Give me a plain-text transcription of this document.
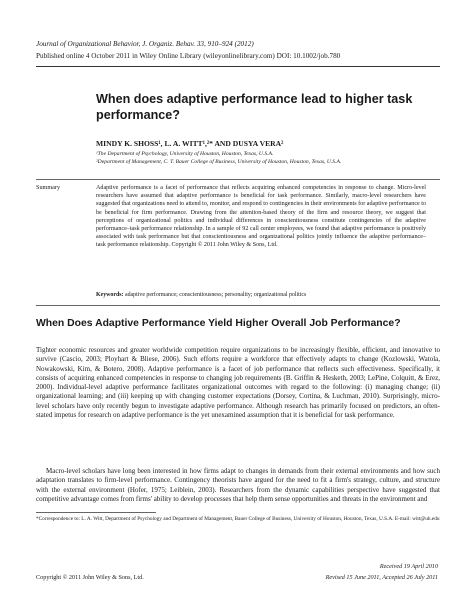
Journal of Organizational Behavior, J. Organiz. Behav. 33, 910–924 (2012)
Published online 4 October 2011 in Wiley Online Library (wileyonlinelibrary.com) DOI: 10.1002/job.780
When does adaptive performance lead to higher task performance?
MINDY K. SHOSS¹, L. A. WITT¹,²* AND DUSYA VERA²
¹The Department of Psychology, University of Houston, Houston, Texas, U.S.A.
²Department of Management, C. T. Bauer College of Business, University of Houston, Houston, Texas, U.S.A.
Summary	Adaptive performance is a facet of performance that reflects acquiring enhanced competencies in response to change. Micro-level researchers have assumed that adaptive performance is beneficial for task performance. Similarly, macro-level researchers have suggested that organizations need to attend to, monitor, and respond to contingencies in their environments for adaptive performance to be beneficial for firm performance. Drawing from the attention-based theory of the firm and resource theory, we suggest that perceptions of organizational politics and individual differences in conscientiousness constitute contingencies of the adaptive performance–task performance relationship. In a sample of 92 call center employees, we found that adaptive performance is positively associated with task performance but that conscientiousness and organizational politics jointly influence the adaptive performance–task performance relationship. Copyright © 2011 John Wiley & Sons, Ltd.
Keywords: adaptive performance; conscientiousness; personality; organizational politics
When Does Adaptive Performance Yield Higher Overall Job Performance?
Tighter economic resources and greater worldwide competition require organizations to be increasingly flexible, efficient, and innovative to survive (Cascio, 2003; Ployhart & Bliese, 2006). Such efforts require a workforce that effectively adapts to change (Kozlowski, Watola, Nowakowski, Kim, & Botero, 2008). Adaptive performance is a facet of job performance that reflects such effectiveness. Specifically, it consists of acquiring enhanced competencies in response to changing job requirements (B. Griffin & Hesketh, 2003; LePine, Colquitt, & Erez, 2000). Individual-level adaptive performance facilitates organizational outcomes with regard to the following: (i) managing change; (ii) organizational learning; and (iii) keeping up with changing customer expectations (Dorsey, Cortina, & Luchman, 2010). Surprisingly, micro-level scholars have only recently begun to investigate adaptive performance. Although research has primarily focused on predictors, an often-stated impetus for research on adaptive performance is the yet unexamined assumption that it is beneficial for task performance.
Macro-level scholars have long been interested in how firms adapt to changes in demands from their external environments and how such adaptation translates to firm-level performance. Contingency theorists have argued for the need to fit a firm's strategy, culture, and structure with the external environment (Hofer, 1975; Leiblein, 2003). Researchers from the dynamic capabilities perspective have suggested that competitive advantage comes from firms' ability to develop processes that help them sense opportunities and threats in the environment and
*Correspondence to: L. A. Witt, Department of Psychology and Department of Management, Bauer College of Business, University of Houston, Houston, Texas, U.S.A. E-mail: witt@uh.edu
Received 19 April 2010
Copyright © 2011 John Wiley & Sons, Ltd.	Revised 15 June 2011, Accepted 26 July 2011
